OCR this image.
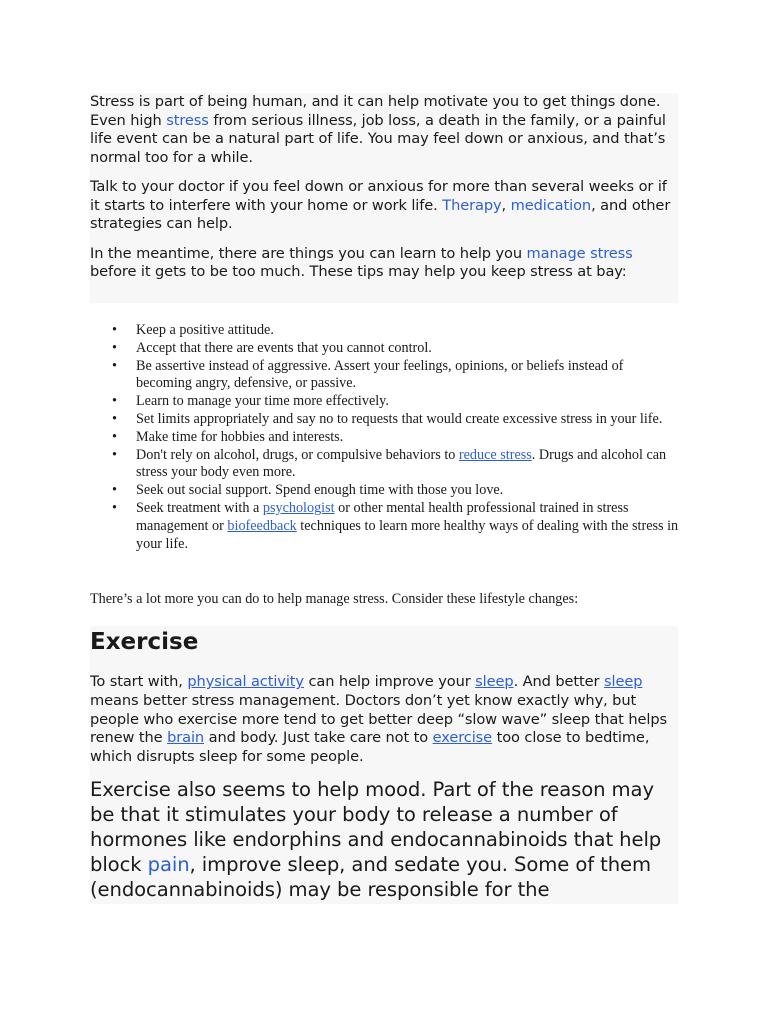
Stress is part of being human, and it can help motivate you to get things done. Even high stress from serious illness, job loss, a death in the family, or a painful life event can be a natural part of life. You may feel down or anxious, and that’s normal too for a while.

Talk to your doctor if you feel down or anxious for more than several weeks or if it starts to interfere with your home or work life. Therapy, medication, and other strategies can help.

In the meantime, there are things you can learn to help you manage stress before it gets to be too much. These tips may help you keep stress at bay:

• Keep a positive attitude.
• Accept that there are events that you cannot control.
• Be assertive instead of aggressive. Assert your feelings, opinions, or beliefs instead of becoming angry, defensive, or passive.
• Learn to manage your time more effectively.
• Set limits appropriately and say no to requests that would create excessive stress in your life.
• Make time for hobbies and interests.
• Don't rely on alcohol, drugs, or compulsive behaviors to reduce stress. Drugs and alcohol can stress your body even more.
• Seek out social support. Spend enough time with those you love.
• Seek treatment with a psychologist or other mental health professional trained in stress management or biofeedback techniques to learn more healthy ways of dealing with the stress in your life.

There’s a lot more you can do to help manage stress. Consider these lifestyle changes:

Exercise

To start with, physical activity can help improve your sleep. And better sleep means better stress management. Doctors don’t yet know exactly why, but people who exercise more tend to get better deep “slow wave” sleep that helps renew the brain and body. Just take care not to exercise too close to bedtime, which disrupts sleep for some people.

Exercise also seems to help mood. Part of the reason may be that it stimulates your body to release a number of hormones like endorphins and endocannabinoids that help block pain, improve sleep, and sedate you. Some of them (endocannabinoids) may be responsible for the
